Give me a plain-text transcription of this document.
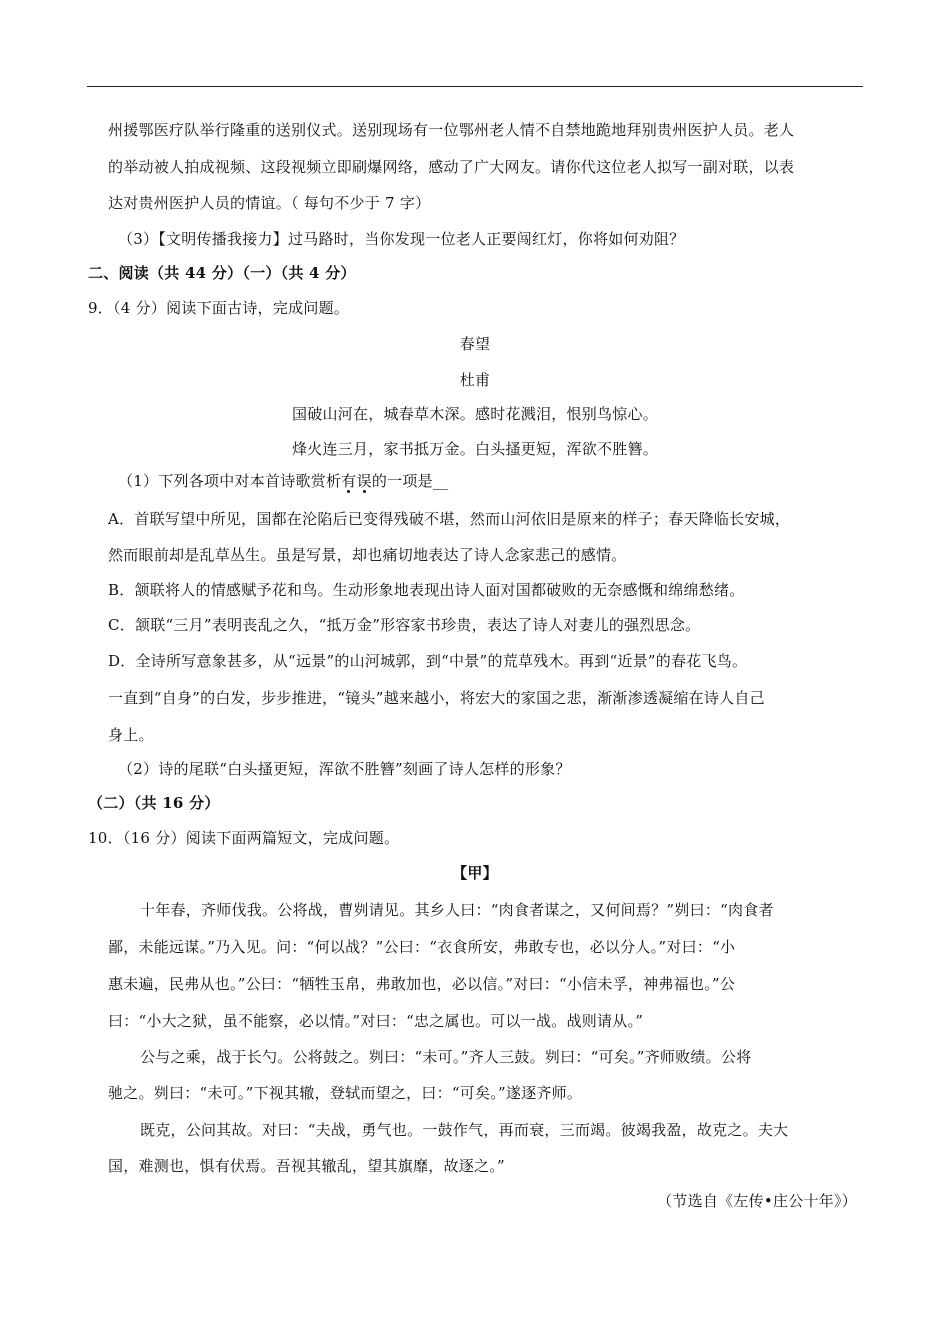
州援鄂医疗队举行隆重的送别仪式。送别现场有一位鄂州老人情不自禁地跪地拜别贵州医护人员。老人
的举动被人拍成视频、这段视频立即刷爆网络，感动了广大网友。请你代这位老人拟写一副对联，以表
达对贵州医护人员的情谊。（ 每句不少于 7 字）
（3）【文明传播我接力】过马路时，当你发现一位老人正要闯红灯，你将如何劝阻？
二、阅读（共 44 分）（一）（共 4 分）
9．（4 分）阅读下面古诗，完成问题。
春望
杜甫
国破山河在，城春草木深。感时花溅泪，恨别鸟惊心。
烽火连三月，家书抵万金。白头搔更短，浑欲不胜簪。
（1）下列各项中对本首诗歌赏析有误的一项是__
A．首联写望中所见，国都在沦陷后已变得残破不堪，然而山河依旧是原来的样子；春天降临长安城，
然而眼前却是乱草丛生。虽是写景，却也痛切地表达了诗人念家悲己的感情。
B．颔联将人的情感赋予花和鸟。生动形象地表现出诗人面对国都破败的无奈感慨和绵绵愁绪。
C．颔联“三月”表明丧乱之久，“抵万金”形容家书珍贵，表达了诗人对妻儿的强烈思念。
D．全诗所写意象甚多，从“远景”的山河城郭，到“中景”的荒草残木。再到“近景”的春花飞鸟。
一直到“自身”的白发，步步推进，“镜头”越来越小，将宏大的家国之悲，渐渐渗透凝缩在诗人自己
身上。
（2）诗的尾联“白头搔更短，浑欲不胜簪”刻画了诗人怎样的形象？
（二）（共 16 分）
10．（16 分）阅读下面两篇短文，完成问题。
【甲】
十年春，齐师伐我。公将战，曹刿请见。其乡人曰：“肉食者谋之，又何间焉？”刿曰：“肉食者
鄙，未能远谋。”乃入见。问：“何以战？”公曰：“衣食所安，弗敢专也，必以分人。”对曰：“小
惠未遍，民弗从也。”公曰：“牺牲玉帛，弗敢加也，必以信。”对曰：“小信未孚，神弗福也。”公
曰：“小大之狱，虽不能察，必以情。”对曰：“忠之属也。可以一战。战则请从。”
公与之乘，战于长勺。公将鼓之。刿曰：“未可。”齐人三鼓。刿曰：“可矣。”齐师败绩。公将
驰之。刿曰：“未可。”下视其辙，登轼而望之，曰：“可矣。”遂逐齐师。
既克，公问其故。对曰：“夫战，勇气也。一鼓作气，再而衰，三而竭。彼竭我盈，故克之。夫大
国，难测也，惧有伏焉。吾视其辙乱，望其旗靡，故逐之。”
（节选自《左传•庄公十年》）
